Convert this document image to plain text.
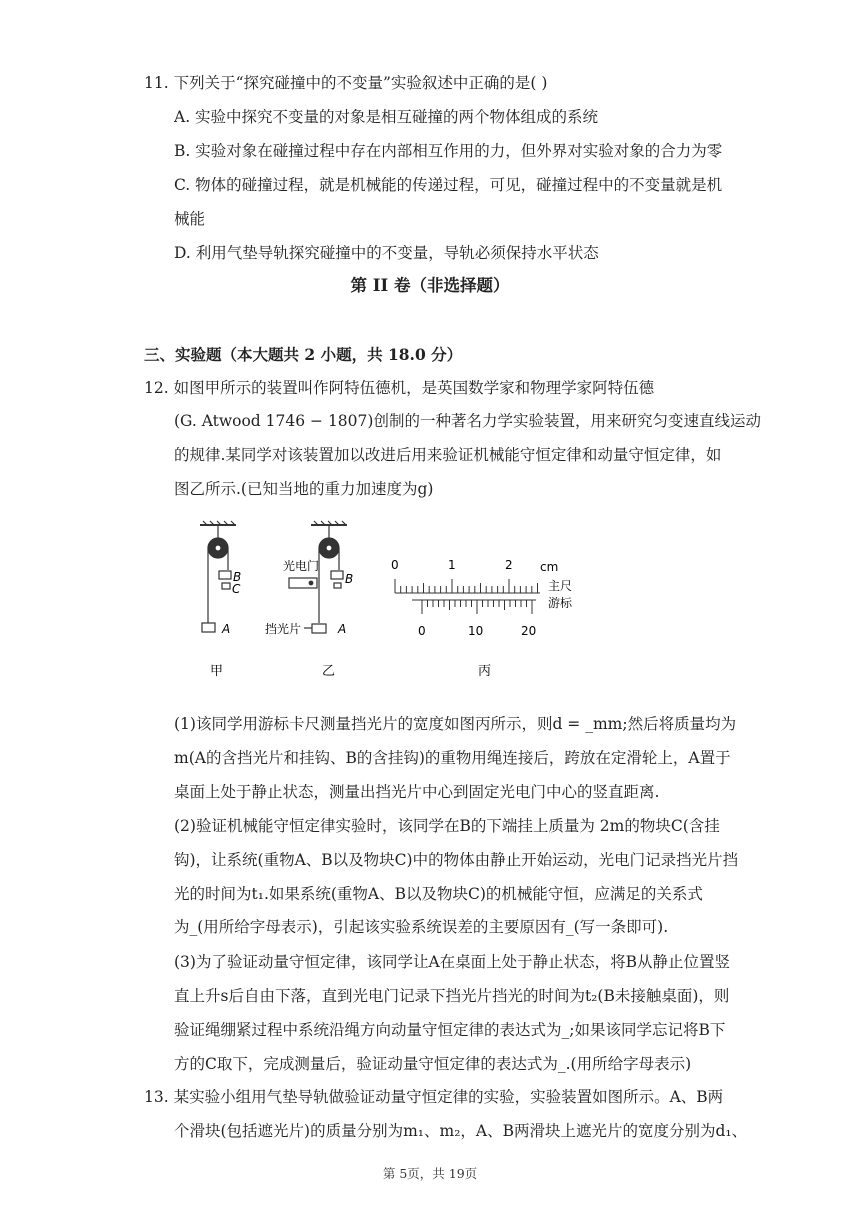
11. 下列关于“探究碰撞中的不变量”实验叙述中正确的是( )
A. 实验中探究不变量的对象是相互碰撞的两个物体组成的系统
B. 实验对象在碰撞过程中存在内部相互作用的力，但外界对实验对象的合力为零
C. 物体的碰撞过程，就是机械能的传递过程，可见，碰撞过程中的不变量就是机
械能
D. 利用气垫导轨探究碰撞中的不变量，导轨必须保持水平状态
第 II 卷（非选择题）
三、实验题（本大题共 2 小题，共 18.0 分）
12. 如图甲所示的装置叫作阿特伍德机，是英国数学家和物理学家阿特伍德
(G. Atwood 1746 − 1807)创制的一种著名力学实验装置，用来研究匀变速直线运动
的规律.某同学对该装置加以改进后用来验证机械能守恒定律和动量守恒定律，如
图乙所示.(已知当地的重力加速度为g)
B
C
A
甲
光电门
B
挡光片	A
乙
0	1	2 cm
主尺
游标
0	10	20
丙
(1)该同学用游标卡尺测量挡光片的宽度如图丙所示，则d = _mm;然后将质量均为
m(A的含挡光片和挂钩、B的含挂钩)的重物用绳连接后，跨放在定滑轮上，A置于
桌面上处于静止状态，测量出挡光片中心到固定光电门中心的竖直距离.
(2)验证机械能守恒定律实验时，该同学在B的下端挂上质量为 2m的物块C(含挂
钩)，让系统(重物A、B以及物块C)中的物体由静止开始运动，光电门记录挡光片挡
光的时间为t₁.如果系统(重物A、B以及物块C)的机械能守恒，应满足的关系式
为_(用所给字母表示)，引起该实验系统误差的主要原因有_(写一条即可).
(3)为了验证动量守恒定律，该同学让A在桌面上处于静止状态，将B从静止位置竖
直上升s后自由下落，直到光电门记录下挡光片挡光的时间为t₂(B未接触桌面)，则
验证绳绷紧过程中系统沿绳方向动量守恒定律的表达式为_;如果该同学忘记将B下
方的C取下，完成测量后，验证动量守恒定律的表达式为_.(用所给字母表示)
13. 某实验小组用气垫导轨做验证动量守恒定律的实验，实验装置如图所示。A、B两
个滑块(包括遮光片)的质量分别为m₁、m₂，A、B两滑块上遮光片的宽度分别为d₁、
第 5页，共 19页
